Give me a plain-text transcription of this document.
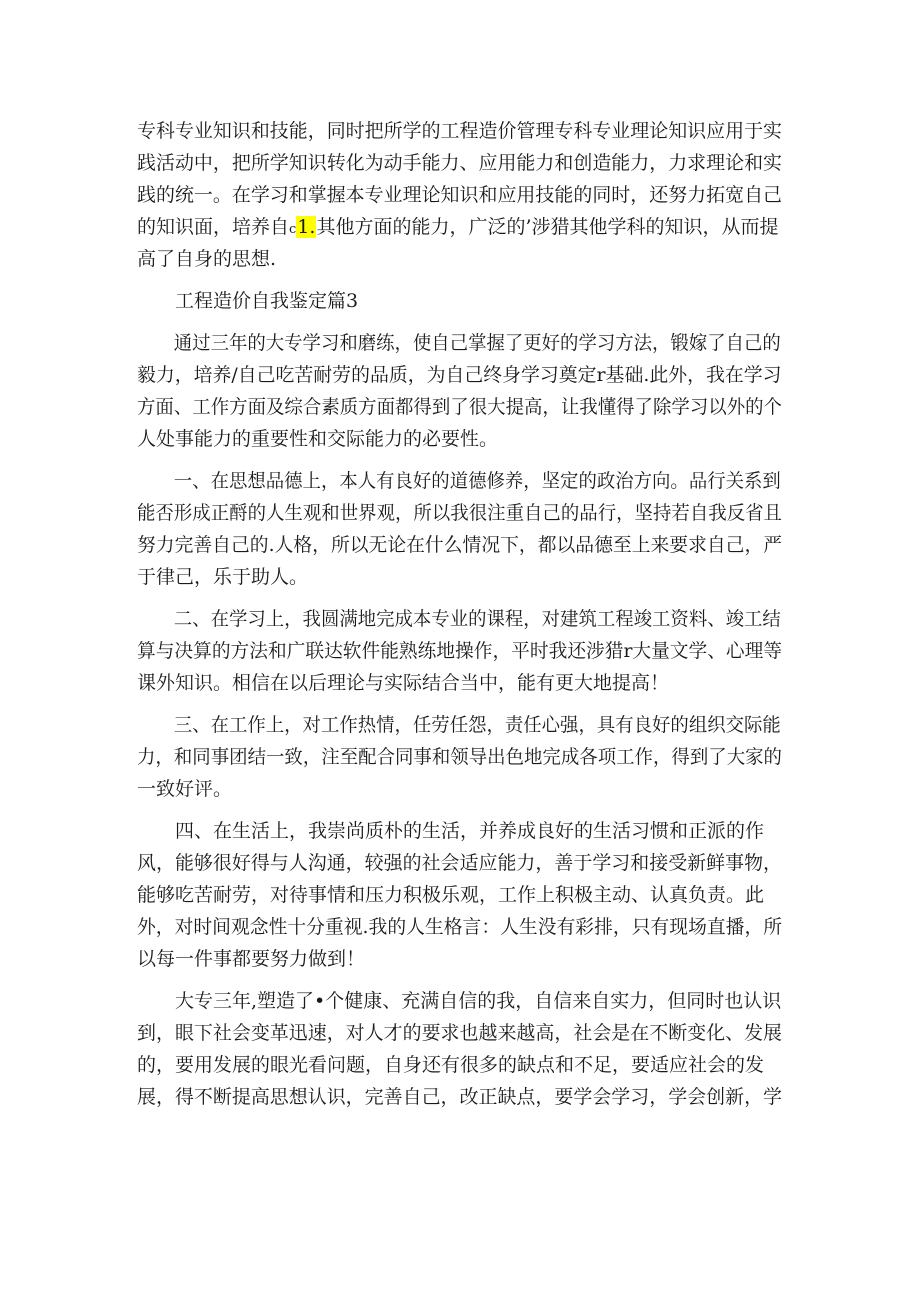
专科专业知识和技能，同时把所学的工程造价管理专科专业理论知识应用于实
践活动中，把所学知识转化为动手能力、应用能力和创造能力，力求理论和实
践的统一。在学习和掌握本专业理论知识和应用技能的同时，还努力拓宽自己
的知识面，培养自c1.其他方面的能力，广泛的’涉猎其他学科的知识，从而提
高了自身的思想.
工程造价自我鉴定篇3
通过三年的大专学习和磨练，使自己掌握了更好的学习方法，锻嫁了自己的
毅力，培养/自己吃苦耐劳的品质，为自己终身学习奠定r基础.此外，我在学习
方面、工作方面及综合素质方面都得到了很大提高，让我懂得了除学习以外的个
人处事能力的重要性和交际能力的必要性。
一、在思想品德上，本人有良好的道德修养，坚定的政治方向。品行关系到
能否形成正酹的人生观和世界观，所以我很注重自己的品行，坚持若自我反省且
努力完善自己的.人格，所以无论在什么情况下，都以品德至上来要求自己，严
于律己，乐于助人。
二、在学习上，我圆满地完成本专业的课程，对建筑工程竣工资料、竣工结
算与决算的方法和广联达软件能熟练地操作，平时我还涉猎r大量文学、心理等
课外知识。相信在以后理论与实际结合当中，能有更大地提高！
三、在工作上，对工作热情，任劳任怨，责任心强，具有良好的组织交际能
力，和同事团结一致，注至配合同事和领导出色地完成各项工作，得到了大家的
一致好评。
四、在生活上，我崇尚质朴的生活，并养成良好的生活习惯和正派的作
风，能够很好得与人沟通，较强的社会适应能力，善于学习和接受新鲜事物，
能够吃苦耐劳，对待事情和压力积极乐观，工作上积极主动、认真负责。此
外，对时间观念性十分重视.我的人生格言：人生没有彩排，只有现场直播，所
以每一件事都要努力做到！
大专三年,塑造了•个健康、充满自信的我，自信来自实力，但同时也认识
到，眼下社会变革迅速，对人才的要求也越来越高，社会是在不断变化、发展
的，要用发展的眼光看问题，自身还有很多的缺点和不足，要适应社会的发
展，得不断提高思想认识，完善自己，改正缺点，要学会学习，学会创新，学
